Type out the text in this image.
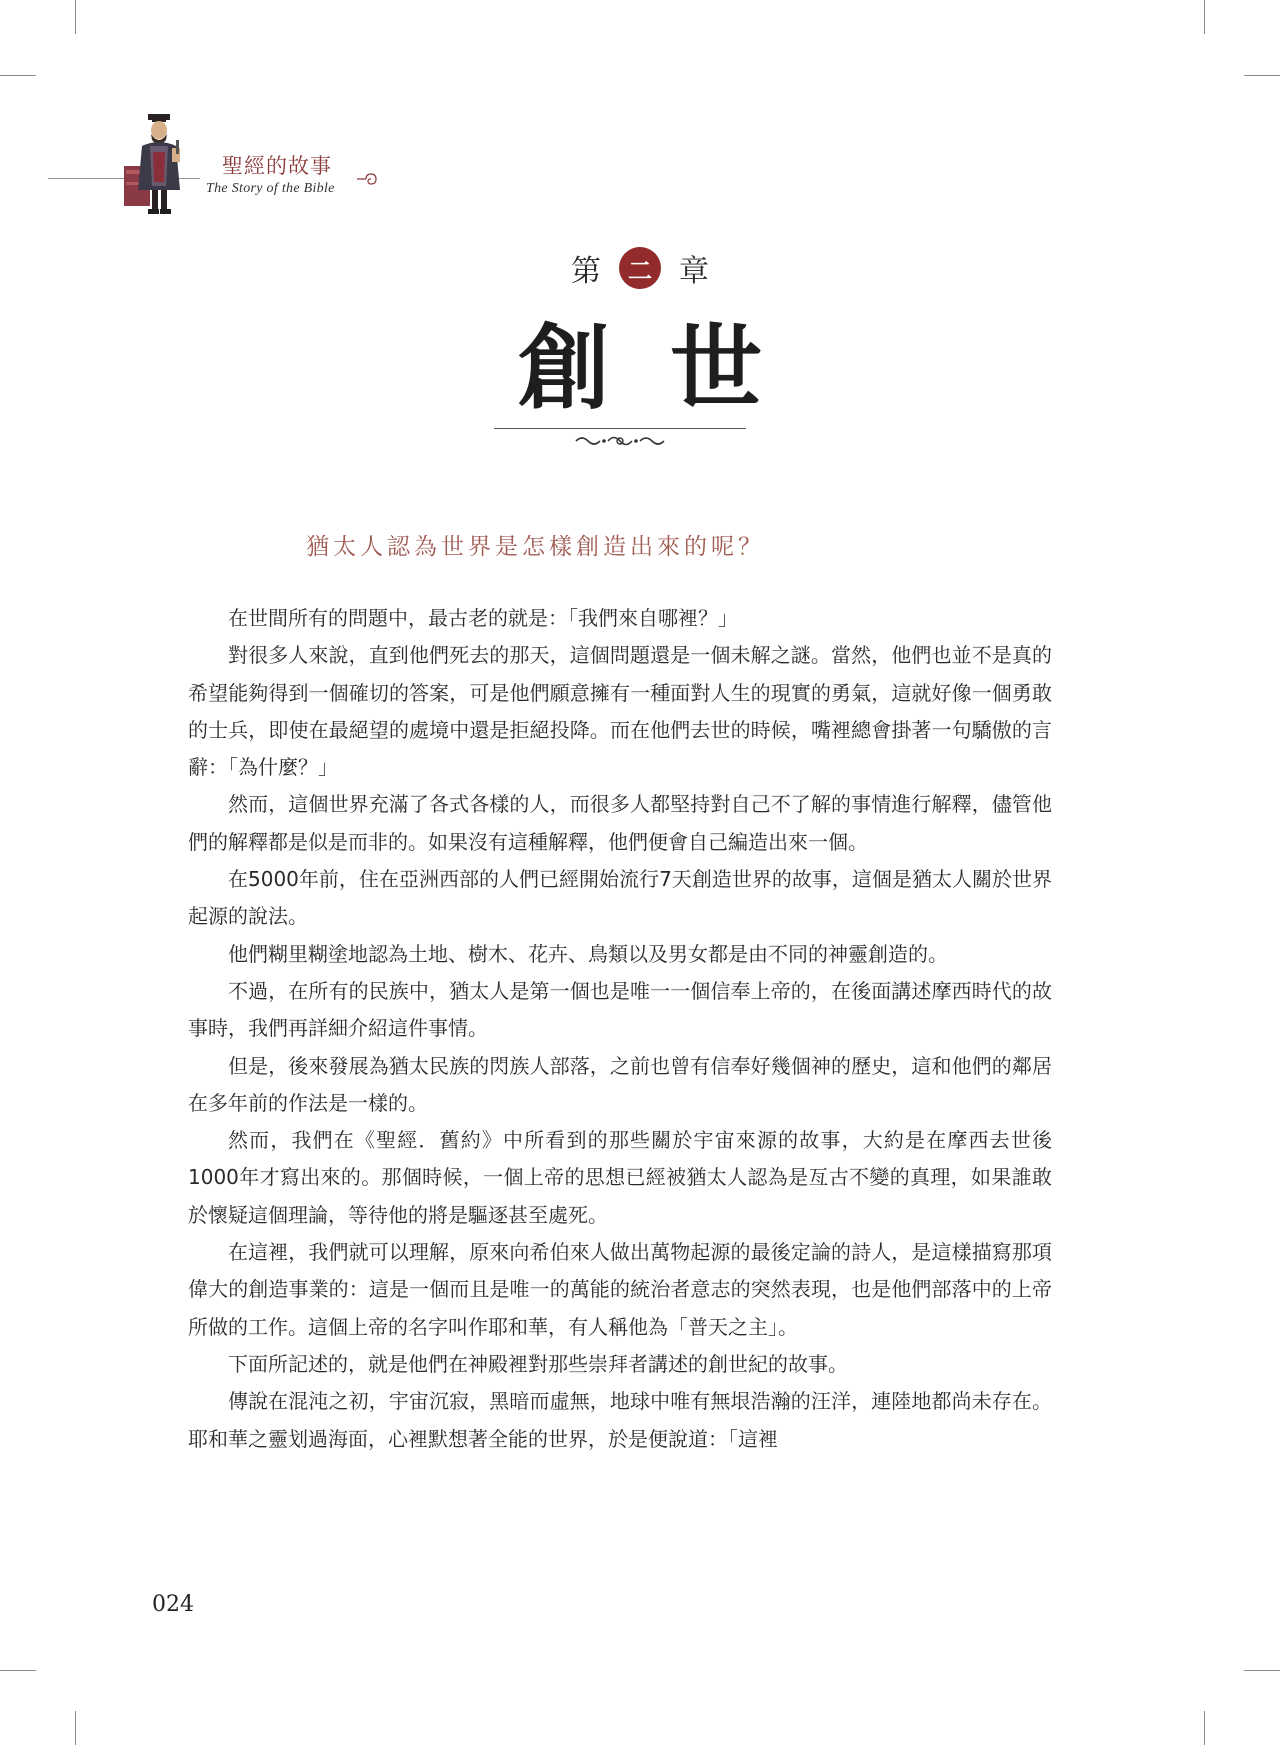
聖經的故事
The Story of the Bible
第	二 章
創世
猶太人認為世界是怎樣創造出來的呢？

在世間所有的問題中，最古老的就是：「我們來自哪裡？」

對很多人來說，直到他們死去的那天，這個問題還是一個未解之謎。當然，他們也並不是真的希望能夠得到一個確切的答案，可是他們願意擁有一種面對人生的現實的勇氣，這就好像一個勇敢的士兵，即使在最絕望的處境中還是拒絕投降。而在他們去世的時候，嘴裡總會掛著一句驕傲的言辭：「為什麼？」

然而，這個世界充滿了各式各樣的人，而很多人都堅持對自己不了解的事情進行解釋，儘管他們的解釋都是似是而非的。如果沒有這種解釋，他們便會自己編造出來一個。

在5000年前，住在亞洲西部的人們已經開始流行7天創造世界的故事，這個是猶太人關於世界起源的說法。

他們糊里糊塗地認為土地、樹木、花卉、鳥類以及男女都是由不同的神靈創造的。

不過，在所有的民族中，猶太人是第一個也是唯一一個信奉上帝的，在後面講述摩西時代的故事時，我們再詳細介紹這件事情。

但是，後來發展為猶太民族的閃族人部落，之前也曾有信奉好幾個神的歷史，這和他們的鄰居在多年前的作法是一樣的。

然而，我們在《聖經．舊約》中所看到的那些關於宇宙來源的故事，大約是在摩西去世後1000年才寫出來的。那個時候，一個上帝的思想已經被猶太人認為是亙古不變的真理，如果誰敢於懷疑這個理論，等待他的將是驅逐甚至處死。

在這裡，我們就可以理解，原來向希伯來人做出萬物起源的最後定論的詩人，是這樣描寫那項偉大的創造事業的：這是一個而且是唯一的萬能的統治者意志的突然表現，也是他們部落中的上帝所做的工作。這個上帝的名字叫作耶和華，有人稱他為「普天之主」。

下面所記述的，就是他們在神殿裡對那些崇拜者講述的創世紀的故事。

傳說在混沌之初，宇宙沉寂，黑暗而虛無，地球中唯有無垠浩瀚的汪洋，連陸地都尚未存在。耶和華之靈划過海面，心裡默想著全能的世界，於是便說道：「這裡

024
